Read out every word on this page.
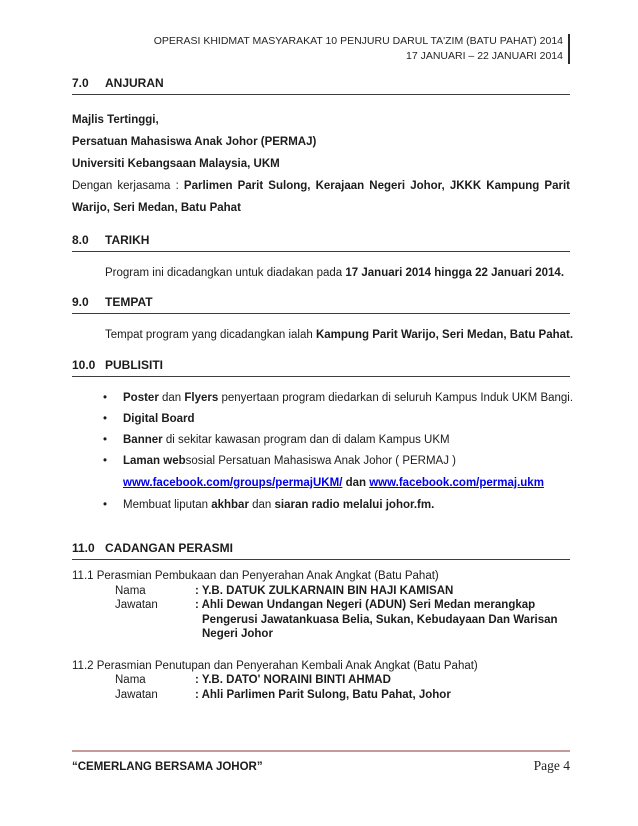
OPERASI KHIDMAT MASYARAKAT 10 PENJURU DARUL TA'ZIM (BATU PAHAT) 2014
17 JANUARI – 22 JANUARI 2014
7.0	ANJURAN
Majlis Tertinggi,
Persatuan Mahasiswa Anak Johor (PERMAJ)
Universiti Kebangsaan Malaysia, UKM
Dengan kerjasama : Parlimen Parit Sulong, Kerajaan Negeri Johor, JKKK Kampung Parit
Warijo, Seri Medan, Batu Pahat
8.0	TARIKH
Program ini dicadangkan untuk diadakan pada 17 Januari 2014 hingga 22 Januari 2014.
9.0	TEMPAT
Tempat program yang dicadangkan ialah Kampung Parit Warijo, Seri Medan, Batu Pahat.
10.0 PUBLISITI
•	Poster dan Flyers penyertaan program diedarkan di seluruh Kampus Induk UKM Bangi.
•	Digital Board
•	Banner di sekitar kawasan program dan di dalam Kampus UKM
•	Laman websosial Persatuan Mahasiswa Anak Johor ( PERMAJ )
www.facebook.com/groups/permajUKM/ dan www.facebook.com/permaj.ukm
•	Membuat liputan akhbar dan siaran radio melalui johor.fm.
11.0 CADANGAN PERASMI
11.1 Perasmian Pembukaan dan Penyerahan Anak Angkat (Batu Pahat)
Nama	: Y.B. DATUK ZULKARNAIN BIN HAJI KAMISAN
Jawatan	: Ahli Dewan Undangan Negeri (ADUN) Seri Medan merangkap
Pengerusi Jawatankuasa Belia, Sukan, Kebudayaan Dan Warisan
Negeri Johor
11.2 Perasmian Penutupan dan Penyerahan Kembali Anak Angkat (Batu Pahat)
Nama	: Y.B. DATO' NORAINI BINTI AHMAD
Jawatan	: Ahli Parlimen Parit Sulong, Batu Pahat, Johor
“CEMERLANG BERSAMA JOHOR”	Page 4
